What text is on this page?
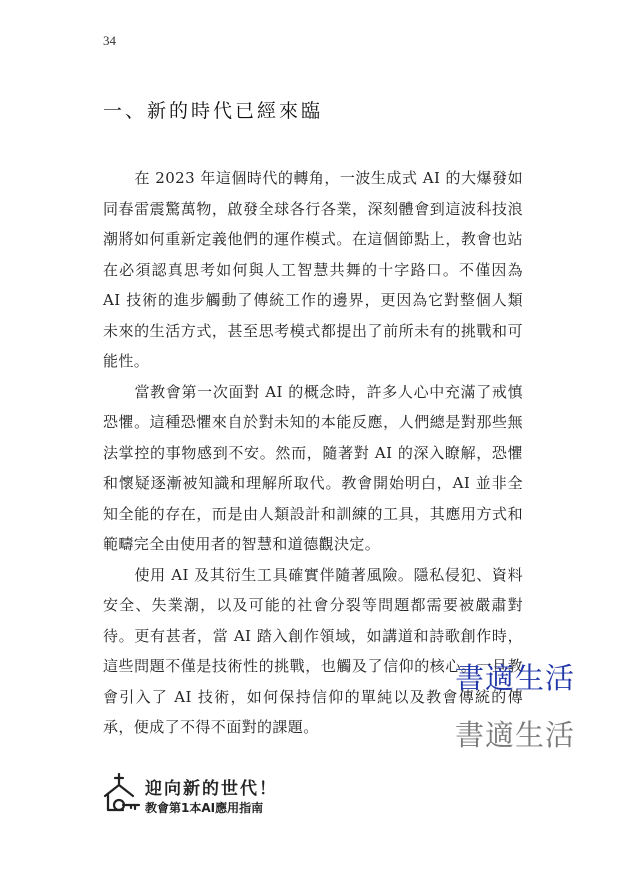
34
一、新的時代已經來臨

在 2023 年這個時代的轉角，一波生成式 AI 的大爆發如同春雷震驚萬物，啟發全球各行各業，深刻體會到這波科技浪潮將如何重新定義他們的運作模式。在這個節點上，教會也站在必須認真思考如何與人工智慧共舞的十字路口。不僅因為 AI 技術的進步觸動了傳統工作的邊界，更因為它對整個人類未來的生活方式，甚至思考模式都提出了前所未有的挑戰和可能性。

當教會第一次面對 AI 的概念時，許多人心中充滿了戒慎恐懼。這種恐懼來自於對未知的本能反應，人們總是對那些無法掌控的事物感到不安。然而，隨著對 AI 的深入瞭解，恐懼和懷疑逐漸被知識和理解所取代。教會開始明白，AI 並非全知全能的存在，而是由人類設計和訓練的工具，其應用方式和範疇完全由使用者的智慧和道德觀決定。

使用 AI 及其衍生工具確實伴隨著風險。隱私侵犯、資料安全、失業潮，以及可能的社會分裂等問題都需要被嚴肅對待。更有甚者，當 AI 踏入創作領域，如講道和詩歌創作時，這些問題不僅是技術性的挑戰，也觸及了信仰的核心。一旦教會引入了 AI 技術，如何保持信仰的單純以及教會傳統的傳承，便成了不得不面對的課題。

書適生活
書適生活
迎向新的世代！
教會第1本AI應用指南
